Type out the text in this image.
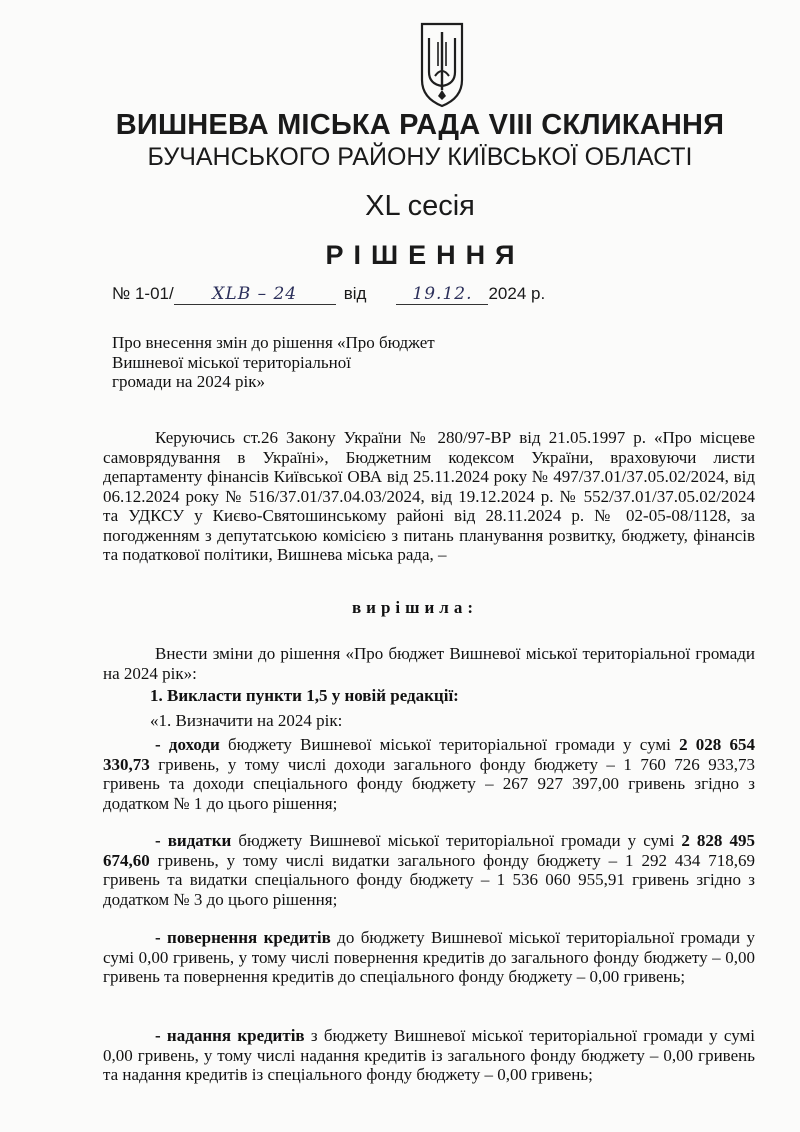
ВИШНЕВА МІСЬКА РАДА VIII СКЛИКАННЯ
БУЧАНСЬКОГО РАЙОНУ КИЇВСЬКОЇ ОБЛАСТІ
XL сесія
РІШЕННЯ
№ 1-01/ XLB – 24	від	19.12. 2024 р.

Про внесення змін до рішення «Про бюджет

Вишневої міської територіальної

громади на 2024 рік»

Керуючись ст.26 Закону України № 280/97-ВР від 21.05.1997 р. «Про місцеве самоврядування в Україні», Бюджетним кодексом України, враховуючи листи департаменту фінансів Київської ОВА від 25.11.2024 року № 497/37.01/37.05.02/2024, від 06.12.2024 року № 516/37.01/37.04.03/2024, від 19.12.2024 р. № 552/37.01/37.05.02/2024 та УДКСУ у Києво-Святошинському районі від 28.11.2024 р. № 02-05-08/1128, за погодженням з депутатською комісією з питань планування розвитку, бюджету, фінансів та податкової політики, Вишнева міська рада, –

вирішила:

Внести зміни до рішення «Про бюджет Вишневої міської територіальної громади на 2024 рік»:

1. Викласти пункти 1,5 у новій редакції:
«1. Визначити на 2024 рік:

- доходи бюджету Вишневої міської територіальної громади у сумі 2 028 654 330,73 гривень, у тому числі доходи загального фонду бюджету – 1 760 726 933,73 гривень та доходи спеціального фонду бюджету – 267 927 397,00 гривень згідно з додатком № 1 до цього рішення;

- видатки бюджету Вишневої міської територіальної громади у сумі 2 828 495 674,60 гривень, у тому числі видатки загального фонду бюджету – 1 292 434 718,69 гривень та видатки спеціального фонду бюджету – 1 536 060 955,91 гривень згідно з додатком № 3 до цього рішення;

- повернення кредитів до бюджету Вишневої міської територіальної громади у сумі 0,00 гривень, у тому числі повернення кредитів до загального фонду бюджету – 0,00 гривень та повернення кредитів до спеціального фонду бюджету – 0,00 гривень;

- надання кредитів з бюджету Вишневої міської територіальної громади у сумі 0,00 гривень, у тому числі надання кредитів із загального фонду бюджету – 0,00 гривень та надання кредитів із спеціального фонду бюджету – 0,00 гривень;
